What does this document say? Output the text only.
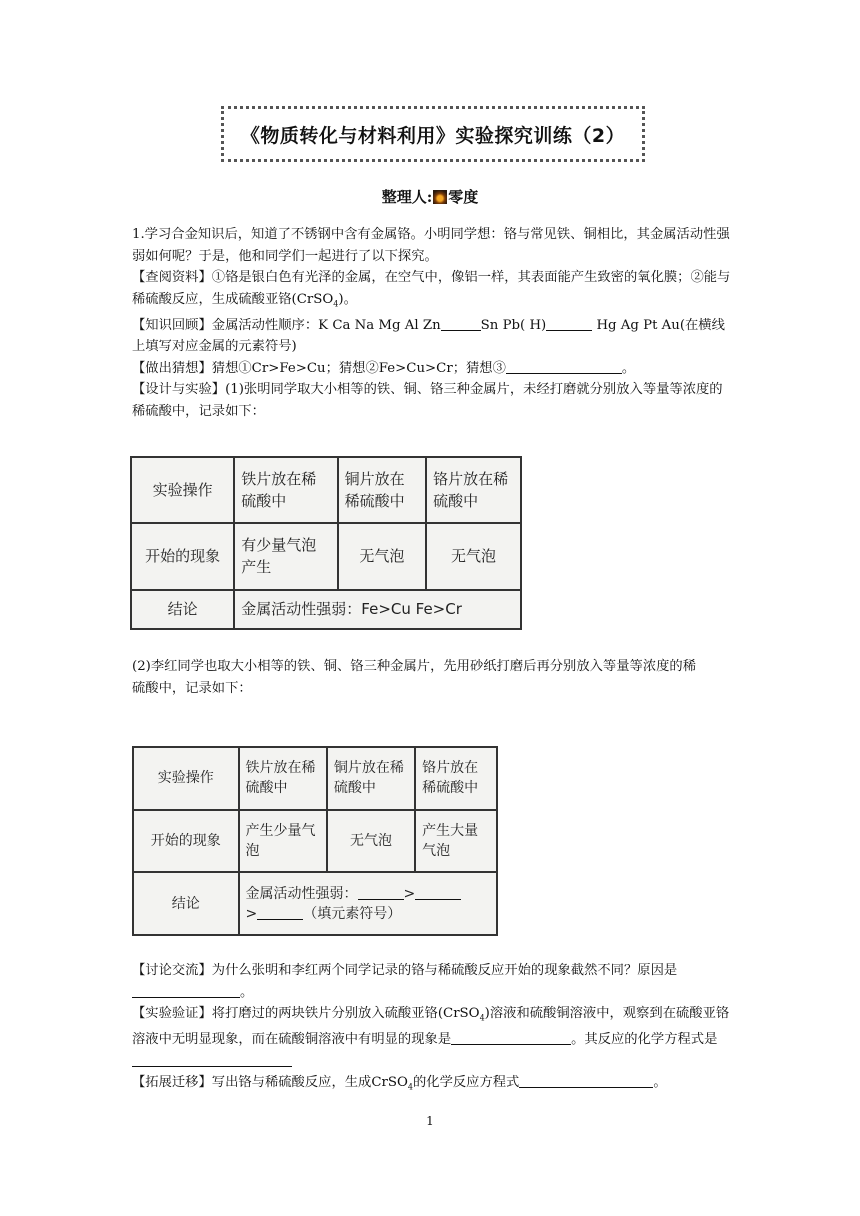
《物质转化与材料利用》实验探究训练（2）
整理人: 零度

1.学习合金知识后，知道了不锈钢中含有金属铬。小明同学想：铬与常见铁、铜相比，其金属活动性强弱如何呢？于是，他和同学们一起进行了以下探究。

【查阅资料】①铬是银白色有光泽的金属，在空气中，像铝一样，其表面能产生致密的氧化膜；②能与稀硫酸反应，生成硫酸亚铬(CrSO$_4$)。

【知识回顾】金属活动性顺序：K Ca Na Mg Al Zn	Sn Pb( H)	Hg Ag Pt Au(在横线上填写对应金属的元素符号)

【做出猜想】猜想①Cr>Fe>Cu；猜想②Fe>Cu>Cr；猜想③	。

【设计与实验】(1)张明同学取大小相等的铁、铜、铬三种金属片，未经打磨就分别放入等量等浓度的稀硫酸中，记录如下：

实验操作	铁片放在稀硫酸中	铜片放在稀硫酸中	铬片放在稀硫酸中
开始的现象	有少量气泡产生	无气泡	无气泡
结论	金属活动性强弱：Fe>Cu Fe>Cr		

(2)李红同学也取大小相等的铁、铜、铬三种金属片，先用砂纸打磨后再分别放入等量等浓度的稀

硫酸中，记录如下：

实验操作	铁片放在稀硫酸中	铜片放在稀硫酸中	铬片放在稀硫酸中
开始的现象	产生少量气泡	无气泡	产生大量气泡
结论	金属活动性强弱： >
> （填元素符号）		

【讨论交流】为什么张明和李红两个同学记录的铬与稀硫酸反应开始的现象截然不同？原因是。

【实验验证】将打磨过的两块铁片分别放入硫酸亚铬(CrSO$_4$)溶液和硫酸铜溶液中，观察到在硫酸亚铬溶液中无明显现象，而在硫酸铜溶液中有明显的现象是	。其反应的化学方程式是

【拓展迁移】写出铬与稀硫酸反应，生成CrSO$_4$的化学反应方程式	。

1
